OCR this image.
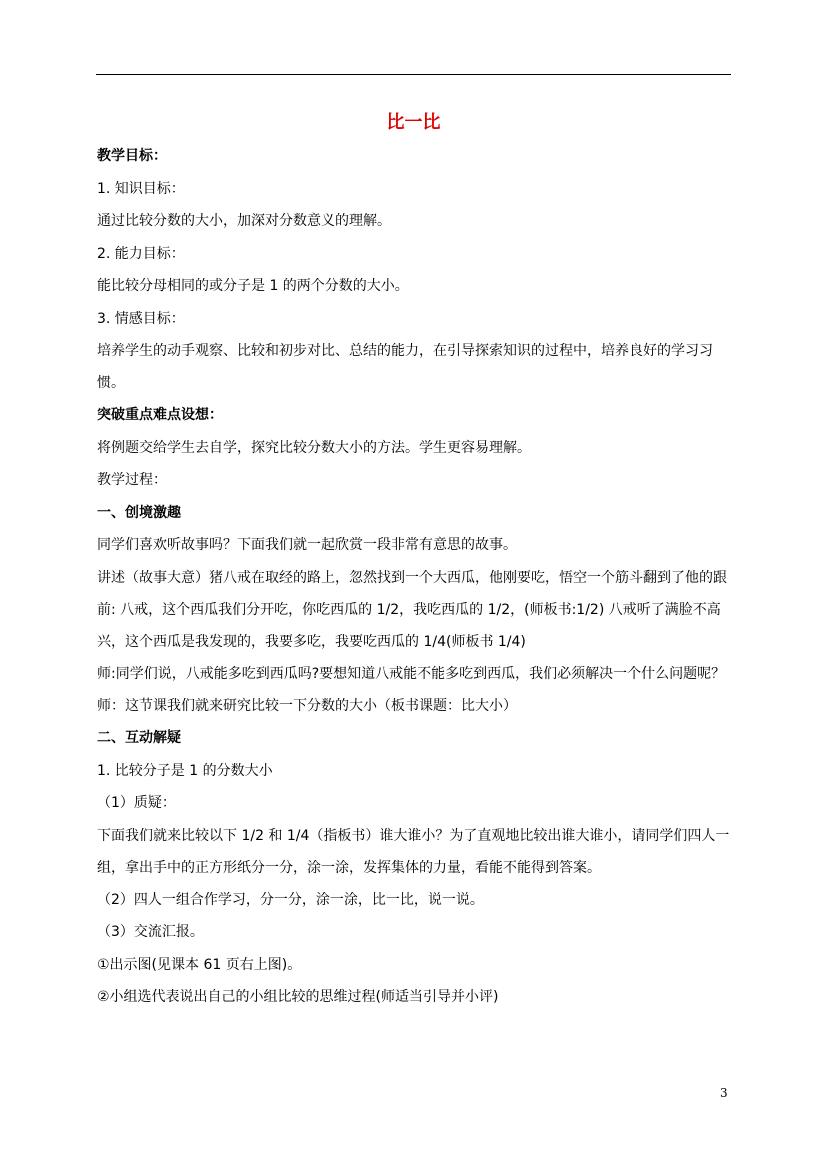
比一比

教学目标：

1. 知识目标：

通过比较分数的大小，加深对分数意义的理解。

2. 能力目标：

能比较分母相同的或分子是 1 的两个分数的大小。

3. 情感目标：

培养学生的动手观察、比较和初步对比、总结的能力，在引导探索知识的过程中，培养良好的学习习惯。

突破重点难点设想：

将例题交给学生去自学，探究比较分数大小的方法。学生更容易理解。

教学过程：

一、创境激趣

同学们喜欢听故事吗？下面我们就一起欣赏一段非常有意思的故事。

讲述（故事大意）猪八戒在取经的路上，忽然找到一个大西瓜，他刚要吃，悟空一个筋斗翻到了他的跟前: 八戒，这个西瓜我们分开吃，你吃西瓜的 1/2，我吃西瓜的 1/2，(师板书:1/2) 八戒听了满脸不高兴，这个西瓜是我发现的，我要多吃，我要吃西瓜的 1/4(师板书 1/4)

师:同学们说，八戒能多吃到西瓜吗?要想知道八戒能不能多吃到西瓜，我们必须解决一个什么问题呢？

师：这节课我们就来研究比较一下分数的大小（板书课题：比大小）

二、互动解疑

1. 比较分子是 1 的分数大小

（1）质疑：

下面我们就来比较以下 1/2 和 1/4（指板书）谁大谁小？为了直观地比较出谁大谁小，请同学们四人一组，拿出手中的正方形纸分一分，涂一涂，发挥集体的力量，看能不能得到答案。

（2）四人一组合作学习，分一分，涂一涂，比一比，说一说。

（3）交流汇报。

①出示图(见课本 61 页右上图)。

②小组选代表说出自己的小组比较的思维过程(师适当引导并小评)

3
